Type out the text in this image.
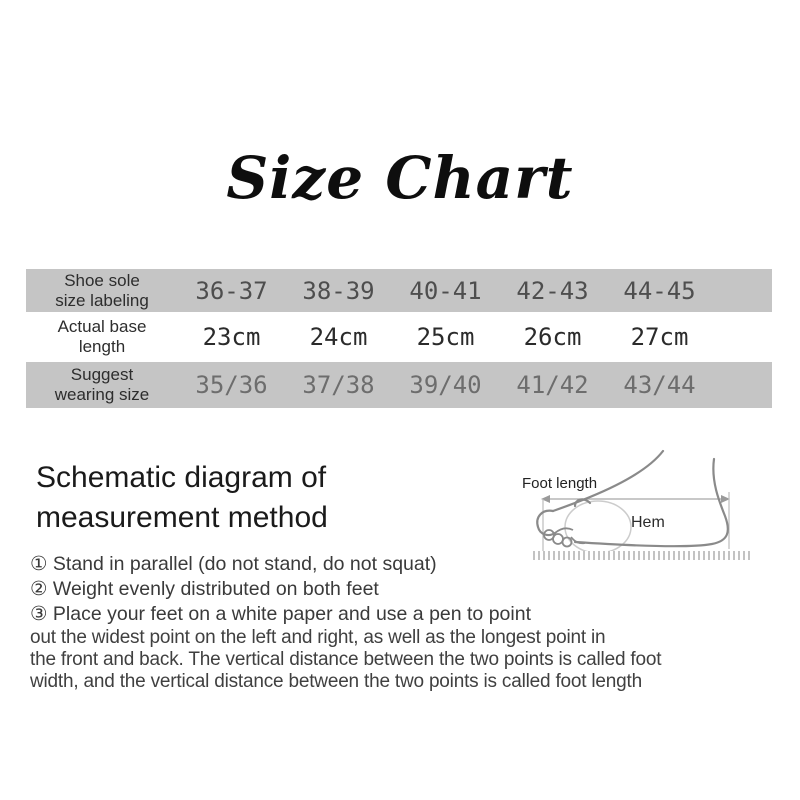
Size Chart
Shoe sole
size labeling	36-37	38-39	40-41	42-43	44-45
Actual base
length	23cm	24cm	25cm	26cm	27cm
Suggest
wearing size	35/36	37/38	39/40	41/42	43/44
Schematic diagram of
measurement method
Foot length
Hem
① Stand in parallel (do not stand, do not squat)
② Weight evenly distributed on both feet
③ Place your feet on a white paper and use a pen to point
out the widest point on the left and right, as well as the longest point in
the front and back. The vertical distance between the two points is called foot
width, and the vertical distance between the two points is called foot length
